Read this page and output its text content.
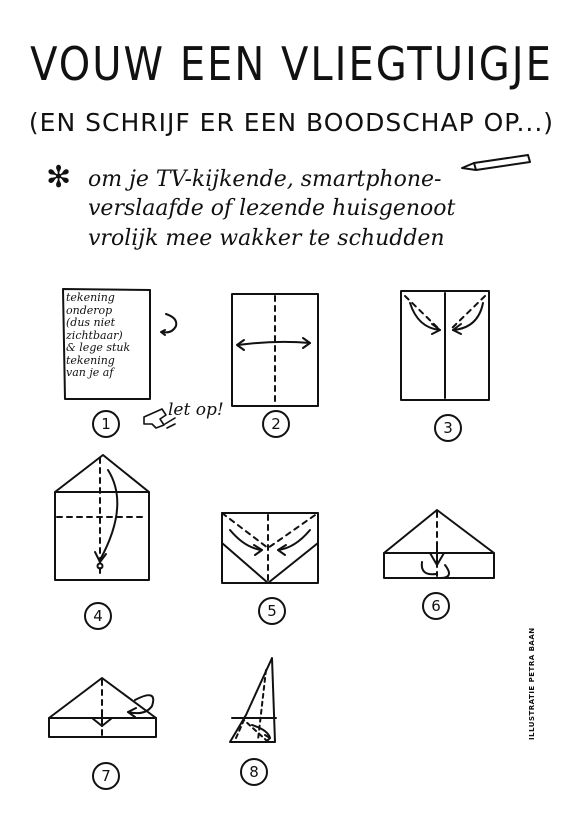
VOUW EEN VLIEGTUIGJE
(EN SCHRIJF ER EEN BOODSCHAP OP...)
✻ om je TV-kijkende, smartphone-
verslaafde of lezende huisgenoot
vrolijk mee wakker te schudden
tekening
onderop
(dus niet
zichtbaar)
& lege stuk
tekening
van je af
let op!
1	2	3
4	5	6
7	8
ILLUSTRATIE PETRA BAAN
